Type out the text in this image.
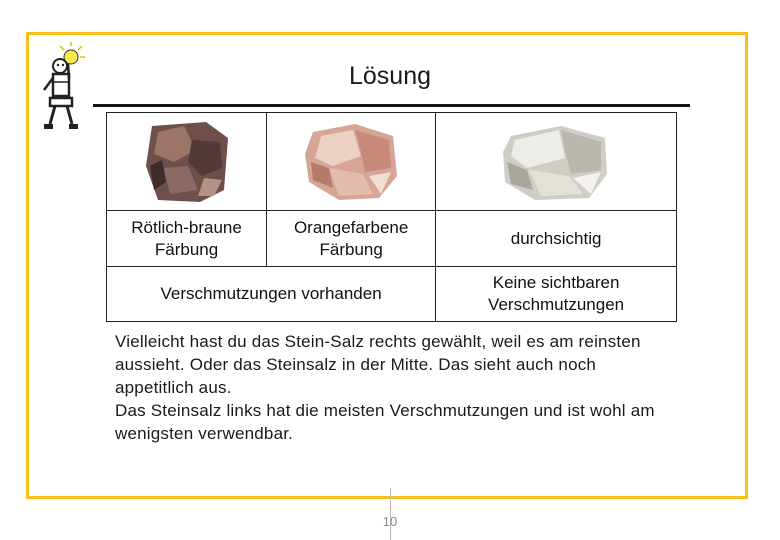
Lösung

Rötlich-braune Färbung	Orangefarbene Färbung	durchsichtig
Verschmutzungen vorhanden		Keine sichtbaren Verschmutzungen

Vielleicht hast du das Stein-Salz rechts gewählt, weil es am reinsten aussieht. Oder das Steinsalz in der Mitte. Das sieht auch noch appetitlich aus.

Das Steinsalz links hat die meisten Verschmutzungen und ist wohl am wenigsten verwendbar.

10
